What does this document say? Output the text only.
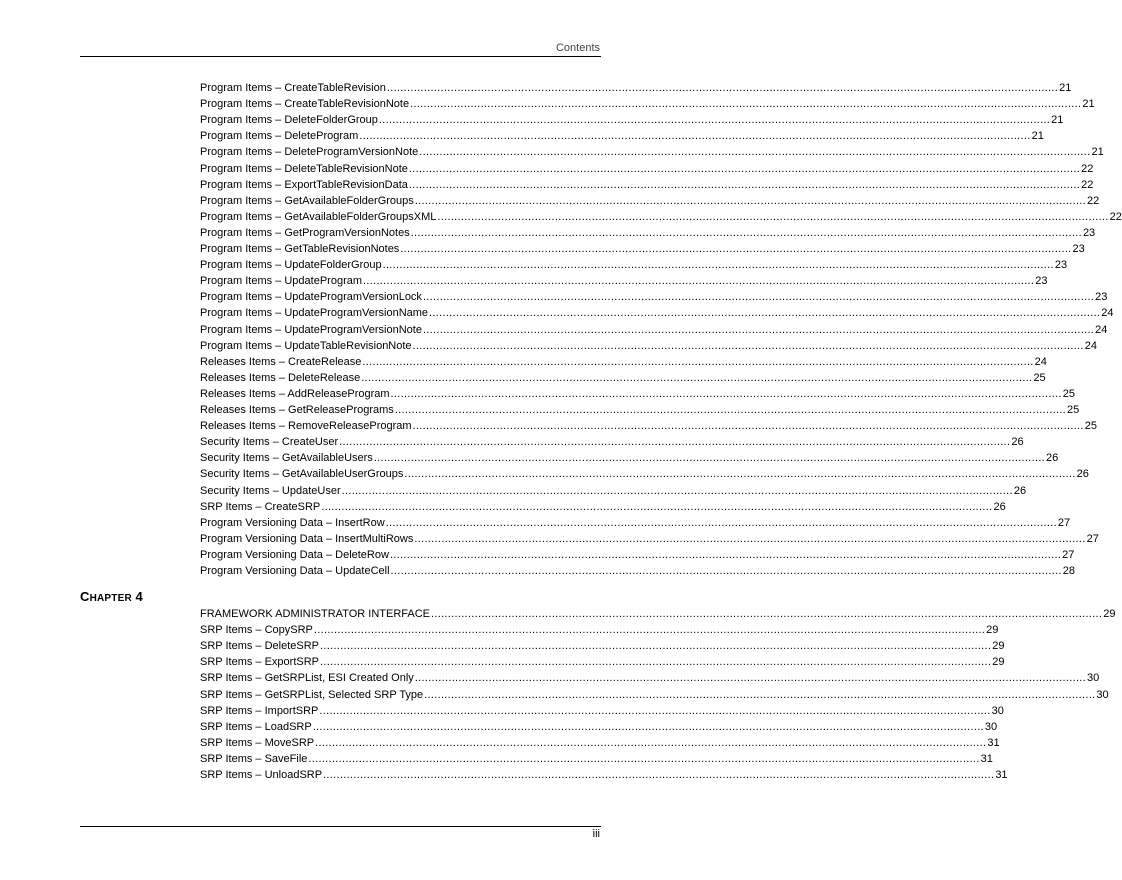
Contents
Program Items – CreateTableRevision ........................................................................................................................................................................................................ 21
Program Items – CreateTableRevisionNote ........................................................................................................................................................................................................ 21
Program Items – DeleteFolderGroup ........................................................................................................................................................................................................ 21
Program Items – DeleteProgram ........................................................................................................................................................................................................ 21
Program Items – DeleteProgramVersionNote ........................................................................................................................................................................................................ 21
Program Items – DeleteTableRevisionNote ........................................................................................................................................................................................................ 22
Program Items – ExportTableRevisionData ........................................................................................................................................................................................................ 22
Program Items – GetAvailableFolderGroups ........................................................................................................................................................................................................ 22
Program Items – GetAvailableFolderGroupsXML ........................................................................................................................................................................................................ 22
Program Items – GetProgramVersionNotes ........................................................................................................................................................................................................ 23
Program Items – GetTableRevisionNotes ........................................................................................................................................................................................................ 23
Program Items – UpdateFolderGroup ........................................................................................................................................................................................................ 23
Program Items – UpdateProgram ........................................................................................................................................................................................................ 23
Program Items – UpdateProgramVersionLock ........................................................................................................................................................................................................ 23
Program Items – UpdateProgramVersionName ........................................................................................................................................................................................................ 24
Program Items – UpdateProgramVersionNote ........................................................................................................................................................................................................ 24
Program Items – UpdateTableRevisionNote ........................................................................................................................................................................................................ 24
Releases Items – CreateRelease ........................................................................................................................................................................................................ 24
Releases Items – DeleteRelease ........................................................................................................................................................................................................ 25
Releases Items – AddReleaseProgram ........................................................................................................................................................................................................ 25
Releases Items – GetReleasePrograms ........................................................................................................................................................................................................ 25
Releases Items – RemoveReleaseProgram ........................................................................................................................................................................................................ 25
Security Items – CreateUser ........................................................................................................................................................................................................ 26
Security Items – GetAvailableUsers ........................................................................................................................................................................................................ 26
Security Items – GetAvailableUserGroups ........................................................................................................................................................................................................ 26
Security Items – UpdateUser ........................................................................................................................................................................................................ 26
SRP Items – CreateSRP ........................................................................................................................................................................................................ 26
Program Versioning Data – InsertRow ........................................................................................................................................................................................................ 27
Program Versioning Data – InsertMultiRows ........................................................................................................................................................................................................ 27
Program Versioning Data – DeleteRow ........................................................................................................................................................................................................ 27
Program Versioning Data – UpdateCell ........................................................................................................................................................................................................ 28
CHAPTER 4
FRAMEWORK ADMINISTRATOR INTERFACE ........................................................................................................................................................................................................ 29
SRP Items – CopySRP ........................................................................................................................................................................................................ 29
SRP Items – DeleteSRP ........................................................................................................................................................................................................ 29
SRP Items – ExportSRP ........................................................................................................................................................................................................ 29
SRP Items – GetSRPList, ESI Created Only ........................................................................................................................................................................................................ 30
SRP Items – GetSRPList, Selected SRP Type ........................................................................................................................................................................................................ 30
SRP Items – ImportSRP ........................................................................................................................................................................................................ 30
SRP Items – LoadSRP ........................................................................................................................................................................................................ 30
SRP Items – MoveSRP ........................................................................................................................................................................................................ 31
SRP Items – SaveFile ........................................................................................................................................................................................................ 31
SRP Items – UnloadSRP ........................................................................................................................................................................................................ 31
iii
